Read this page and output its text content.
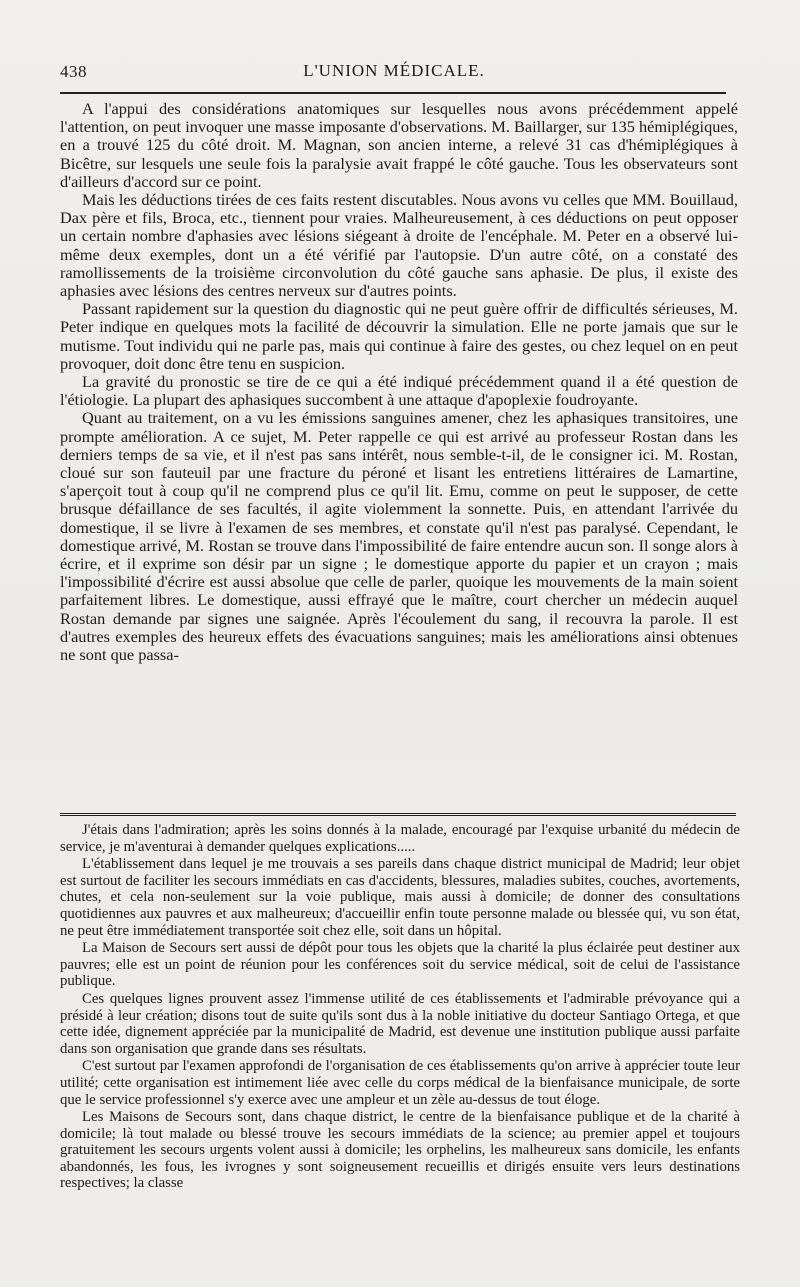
438	L'UNION MÉDICALE.

A l'appui des considérations anatomiques sur lesquelles nous avons précédemment appelé l'attention, on peut invoquer une masse imposante d'observations. M. Baillarger, sur 135 hémiplégiques, en a trouvé 125 du côté droit. M. Magnan, son ancien interne, a relevé 31 cas d'hémiplégiques à Bicêtre, sur lesquels une seule fois la paralysie avait frappé le côté gauche. Tous les observateurs sont d'ailleurs d'accord sur ce point.

Mais les déductions tirées de ces faits restent discutables. Nous avons vu celles que MM. Bouillaud, Dax père et fils, Broca, etc., tiennent pour vraies. Malheureusement, à ces déductions on peut opposer un certain nombre d'aphasies avec lésions siégeant à droite de l'encéphale. M. Peter en a observé lui-même deux exemples, dont un a été vérifié par l'autopsie. D'un autre côté, on a constaté des ramollissements de la troisième circonvolution du côté gauche sans aphasie. De plus, il existe des aphasies avec lésions des centres nerveux sur d'autres points.

Passant rapidement sur la question du diagnostic qui ne peut guère offrir de difficultés sérieuses, M. Peter indique en quelques mots la facilité de découvrir la simulation. Elle ne porte jamais que sur le mutisme. Tout individu qui ne parle pas, mais qui continue à faire des gestes, ou chez lequel on en peut provoquer, doit donc être tenu en suspicion.

La gravité du pronostic se tire de ce qui a été indiqué précédemment quand il a été question de l'étiologie. La plupart des aphasiques succombent à une attaque d'apoplexie foudroyante.

Quant au traitement, on a vu les émissions sanguines amener, chez les aphasiques transitoires, une prompte amélioration. A ce sujet, M. Peter rappelle ce qui est arrivé au professeur Rostan dans les derniers temps de sa vie, et il n'est pas sans intérêt, nous semble-t-il, de le consigner ici. M. Rostan, cloué sur son fauteuil par une fracture du péroné et lisant les entretiens littéraires de Lamartine, s'aperçoit tout à coup qu'il ne comprend plus ce qu'il lit. Emu, comme on peut le supposer, de cette brusque défaillance de ses facultés, il agite violemment la sonnette. Puis, en attendant l'arrivée du domestique, il se livre à l'examen de ses membres, et constate qu'il n'est pas paralysé. Cependant, le domestique arrivé, M. Rostan se trouve dans l'impossibilité de faire entendre aucun son. Il songe alors à écrire, et il exprime son désir par un signe ; le domestique apporte du papier et un crayon ; mais l'impossibilité d'écrire est aussi absolue que celle de parler, quoique les mouvements de la main soient parfaitement libres. Le domestique, aussi effrayé que le maître, court chercher un médecin auquel Rostan demande par signes une saignée. Après l'écoulement du sang, il recouvra la parole. Il est d'autres exemples des heureux effets des évacuations sanguines; mais les améliorations ainsi obtenues ne sont que passa-

J'étais dans l'admiration; après les soins donnés à la malade, encouragé par l'exquise urbanité du médecin de service, je m'aventurai à demander quelques explications.....

L'établissement dans lequel je me trouvais a ses pareils dans chaque district municipal de Madrid; leur objet est surtout de faciliter les secours immédiats en cas d'accidents, blessures, maladies subites, couches, avortements, chutes, et cela non-seulement sur la voie publique, mais aussi à domicile; de donner des consultations quotidiennes aux pauvres et aux malheureux; d'accueillir enfin toute personne malade ou blessée qui, vu son état, ne peut être immédiatement transportée soit chez elle, soit dans un hôpital.

La Maison de Secours sert aussi de dépôt pour tous les objets que la charité la plus éclairée peut destiner aux pauvres; elle est un point de réunion pour les conférences soit du service médical, soit de celui de l'assistance publique.

Ces quelques lignes prouvent assez l'immense utilité de ces établissements et l'admirable prévoyance qui a présidé à leur création; disons tout de suite qu'ils sont dus à la noble initiative du docteur Santiago Ortega, et que cette idée, dignement appréciée par la municipalité de Madrid, est devenue une institution publique aussi parfaite dans son organisation que grande dans ses résultats.

C'est surtout par l'examen approfondi de l'organisation de ces établissements qu'on arrive à apprécier toute leur utilité; cette organisation est intimement liée avec celle du corps médical de la bienfaisance municipale, de sorte que le service professionnel s'y exerce avec une ampleur et un zèle au-dessus de tout éloge.

Les Maisons de Secours sont, dans chaque district, le centre de la bienfaisance publique et de la charité à domicile; là tout malade ou blessé trouve les secours immédiats de la science; au premier appel et toujours gratuitement les secours urgents volent aussi à domicile; les orphelins, les malheureux sans domicile, les enfants abandonnés, les fous, les ivrognes y sont soigneusement recueillis et dirigés ensuite vers leurs destinations respectives; la classe
